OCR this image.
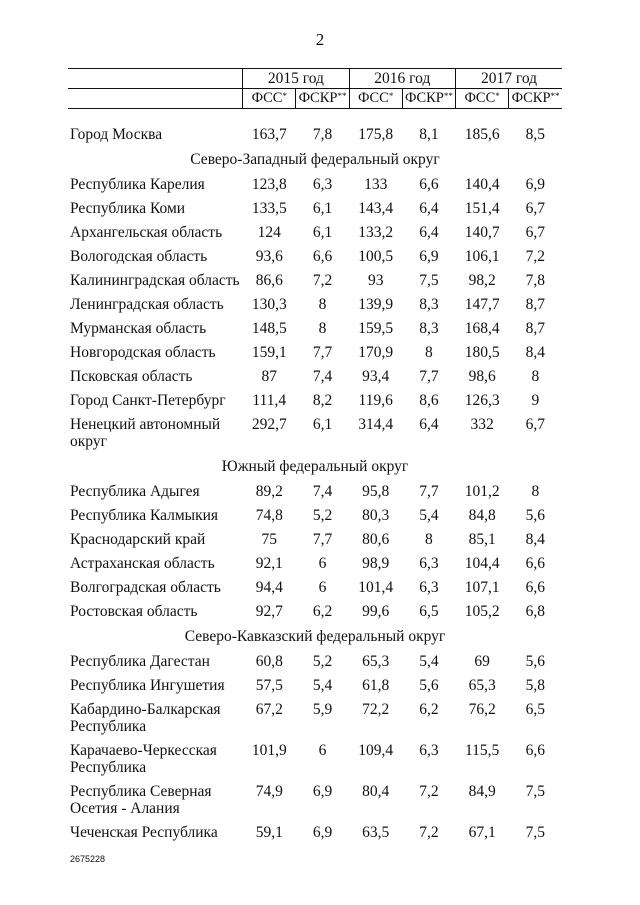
2
	2015 год		2016 год		2017 год	
	ФСС*	ФСКР**	ФСС*	ФСКР**	ФСС*	ФСКР**

Город Москва	163,7	7,8	175,8	8,1	185,6	8,5
Северо-Западный федеральный округ						
Республика Карелия	123,8	6,3	133	6,6	140,4	6,9
Республика Коми	133,5	6,1	143,4	6,4	151,4	6,7
Архангельская область	124	6,1	133,2	6,4	140,7	6,7
Вологодская область	93,6	6,6	100,5	6,9	106,1	7,2
Калининградская область	86,6	7,2	93	7,5	98,2	7,8
Ленинградская область	130,3	8	139,9	8,3	147,7	8,7
Мурманская область	148,5	8	159,5	8,3	168,4	8,7
Новгородская область	159,1	7,7	170,9	8	180,5	8,4
Псковская область	87	7,4	93,4	7,7	98,6	8
Город Санкт-Петербург	111,4	8,2	119,6	8,6	126,3	9
Ненецкий автономный округ	292,7	6,1	314,4	6,4	332	6,7
Южный федеральный округ						
Республика Адыгея	89,2	7,4	95,8	7,7	101,2	8
Республика Калмыкия	74,8	5,2	80,3	5,4	84,8	5,6
Краснодарский край	75	7,7	80,6	8	85,1	8,4
Астраханская область	92,1	6	98,9	6,3	104,4	6,6
Волгоградская область	94,4	6	101,4	6,3	107,1	6,6
Ростовская область	92,7	6,2	99,6	6,5	105,2	6,8
Северо-Кавказский федеральный округ						
Республика Дагестан	60,8	5,2	65,3	5,4	69	5,6
Республика Ингушетия	57,5	5,4	61,8	5,6	65,3	5,8
Кабардино-Балкарская Республика	67,2	5,9	72,2	6,2	76,2	6,5
Карачаево-Черкесская Республика	101,9	6	109,4	6,3	115,5	6,6
Республика Северная Осетия - Алания	74,9	6,9	80,4	7,2	84,9	7,5
Чеченская Республика	59,1	6,9	63,5	7,2	67,1	7,5
2675228
